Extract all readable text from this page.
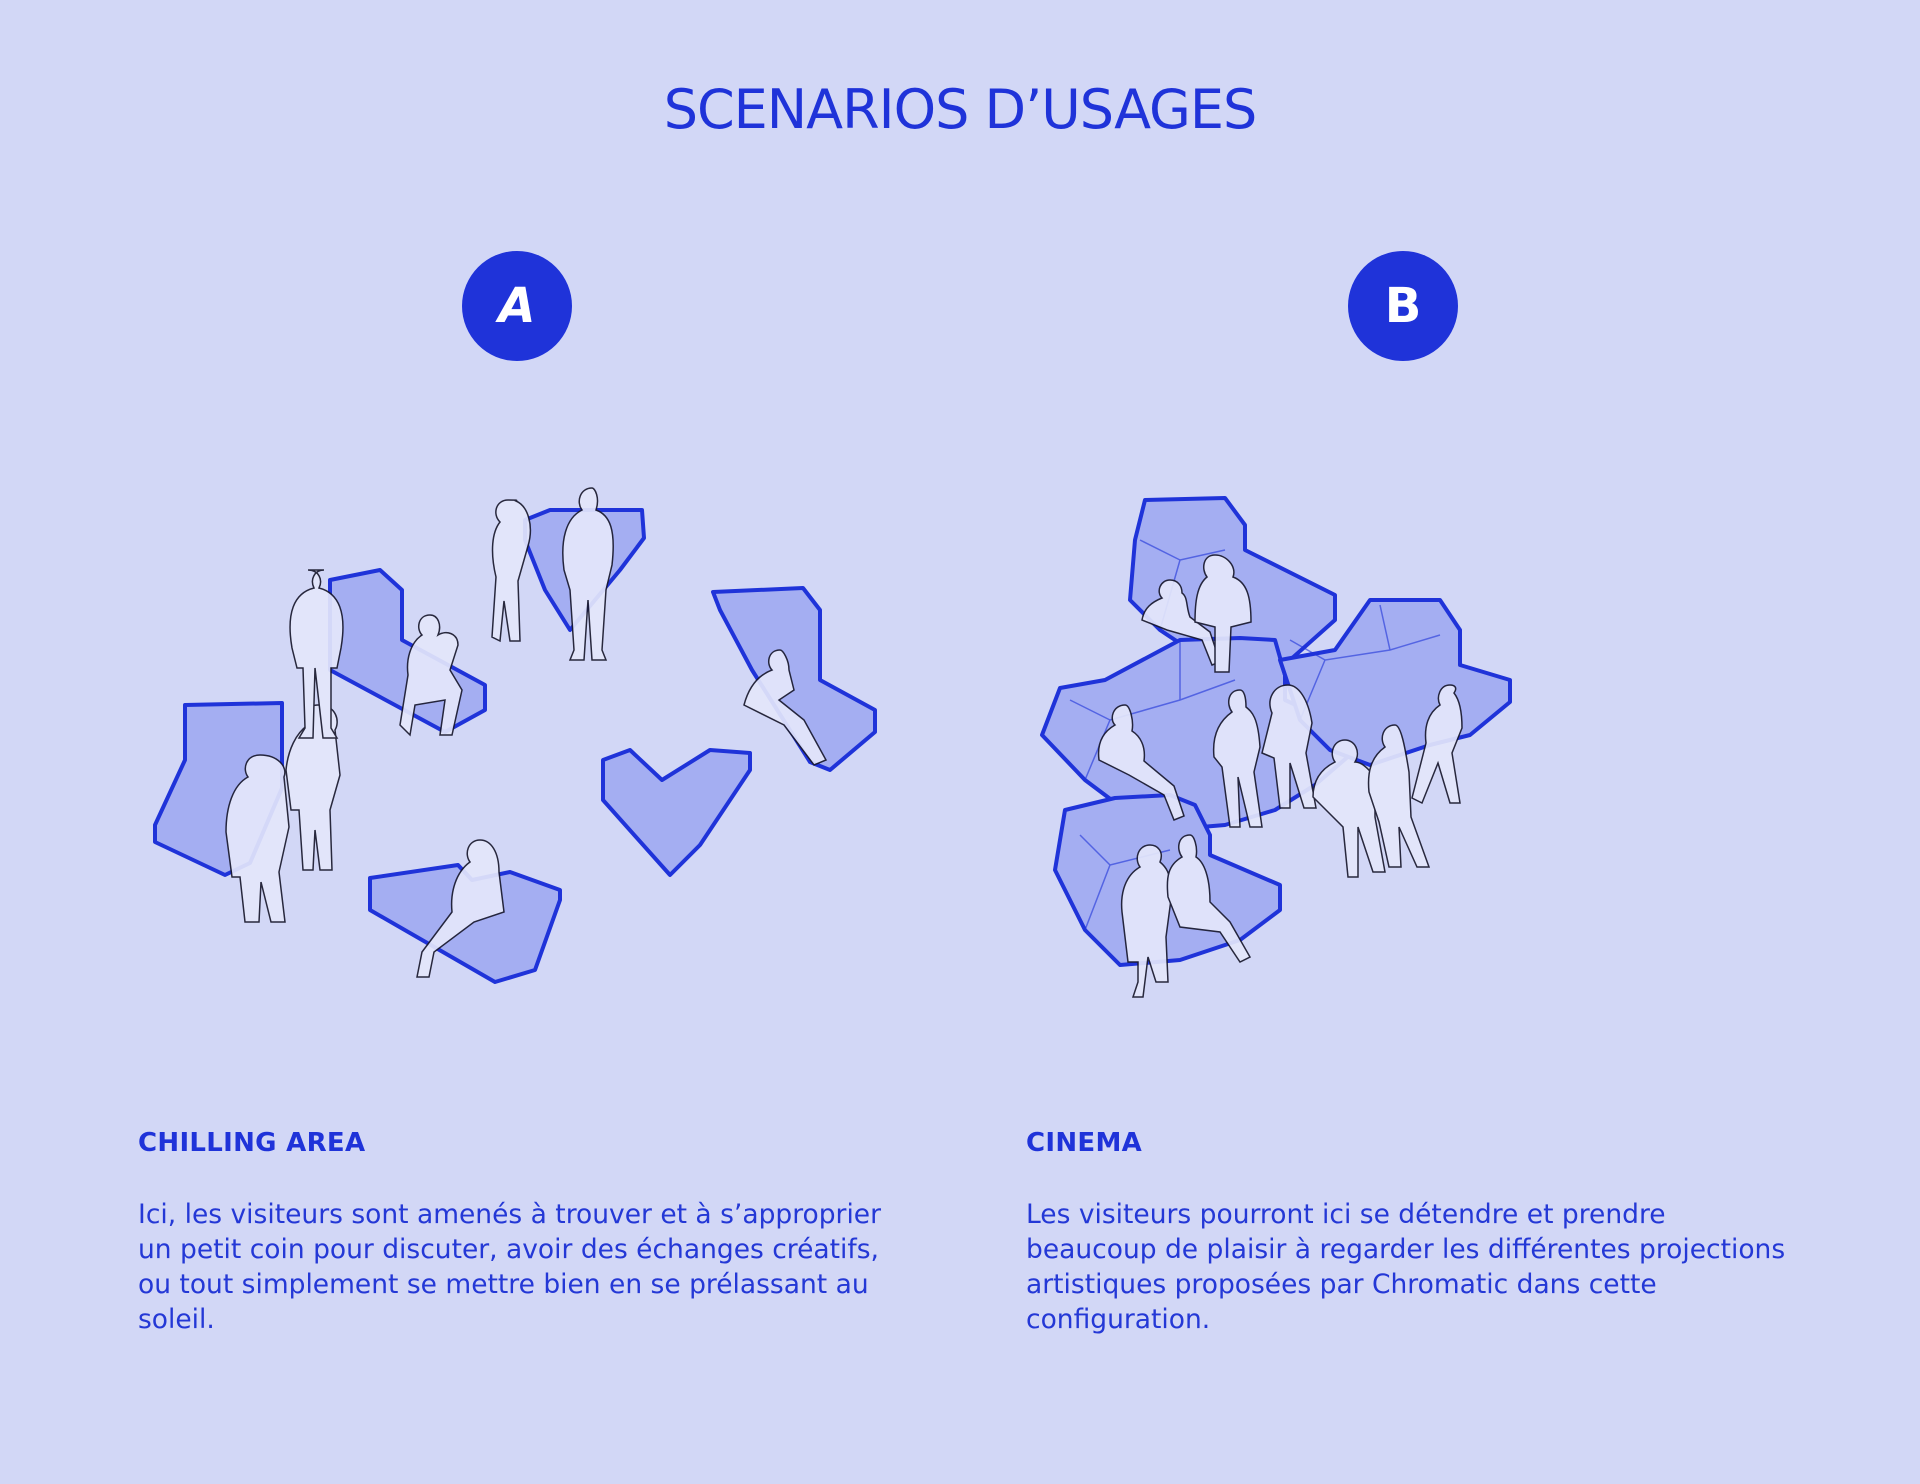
SCENARIOS D’USAGES
A	B
CHILLING AREA
Ici, les visiteurs sont amenés à trouver et à s’approprier un petit coin pour discuter, avoir des échanges créatifs, ou tout simplement se mettre bien en se prélassant au soleil.
CINEMA
Les visiteurs pourront ici se détendre et prendre beaucoup de plaisir à regarder les différentes projections artistiques proposées par Chromatic dans cette configuration.
